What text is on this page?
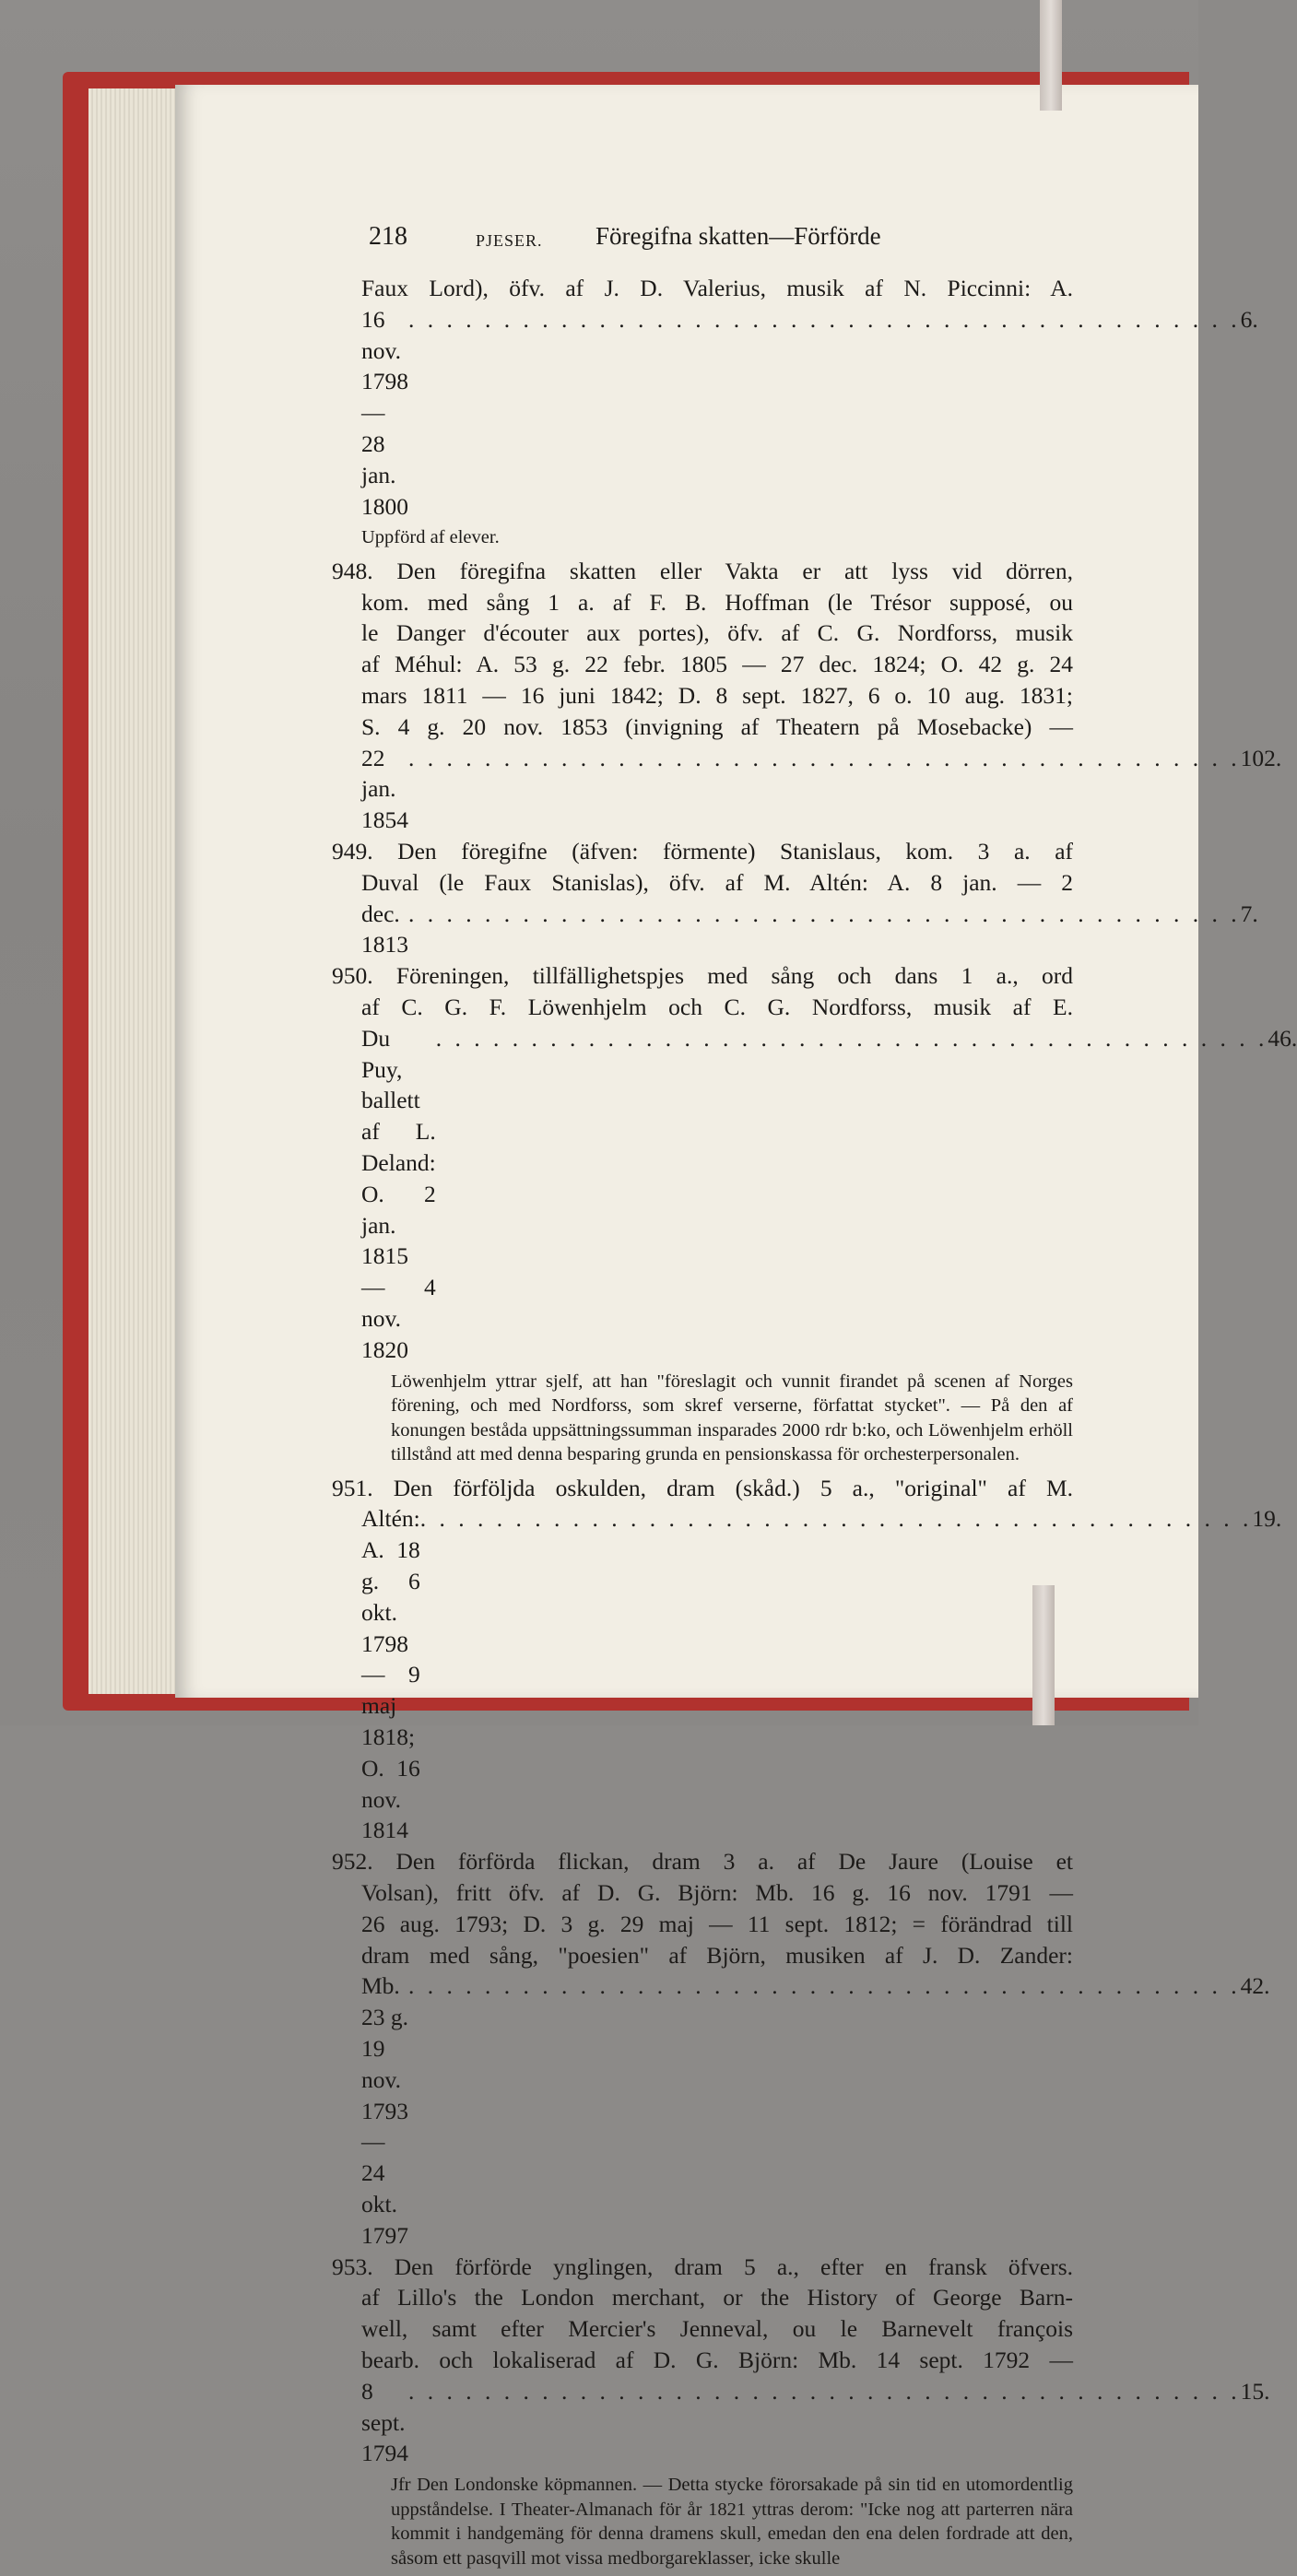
218	PJESER. Föregifna skatten—Förförde
Faux Lord), öfv. af J. D. Valerius, musik af N. Piccinni: A.
16 nov. 1798 — 28 jan. 1800
. . . . . . . . . . . . . . . . . . . . . . . . . . . . . . . . . . . . . . . . . . . . 6.
Uppförd af elever.
948. Den föregifna skatten eller Vakta er att lyss vid dörren,
kom. med sång 1 a. af F. B. Hoffman (le Trésor supposé, ou
le Danger d'écouter aux portes), öfv. af C. G. Nordforss, musik
af Méhul: A. 53 g. 22 febr. 1805 — 27 dec. 1824; O. 42 g. 24
mars 1811 — 16 juni 1842; D. 8 sept. 1827, 6 o. 10 aug. 1831;
S. 4 g. 20 nov. 1853 (invigning af Theatern på Mosebacke) —
22 jan. 1854
. . . . . . . . . . . . . . . . . . . . . . . . . . . . . . . . . . . . . . . . . . . . 102.
949. Den föregifne (äfven: förmente) Stanislaus, kom. 3 a. af
Duval (le Faux Stanislas), öfv. af M. Altén: A. 8 jan. — 2
dec. 1813
. . . . . . . . . . . . . . . . . . . . . . . . . . . . . . . . . . . . . . . . . . . . 7.
950. Föreningen, tillfällighetspjes med sång och dans 1 a., ord
af C. G. F. Löwenhjelm och C. G. Nordforss, musik af E.
Du Puy, ballett af L. Deland: O. 2 jan. 1815 — 4 nov. 1820
. . . . . . . . . . . . . . . . . . . . . . . . . . . . . . . . . . . . . . . . . . . . 46.
Löwenhjelm yttrar sjelf, att han "föreslagit och vunnit firandet på scenen af Norges förening, och med Nordforss, som skref verserne, författat stycket". — På den af konungen beståda uppsättningssumman insparades 2000 rdr b:ko, och Löwenhjelm erhöll tillstånd att med denna besparing grunda en pensionskassa för orchesterpersonalen.
951. Den förföljda oskulden, dram (skåd.) 5 a., "original" af M.
Altén: A. 18 g. 6 okt. 1798 — 9 maj 1818; O. 16 nov. 1814
. . . . . . . . . . . . . . . . . . . . . . . . . . . . . . . . . . . . . . . . . . . . 19.
952. Den förförda flickan, dram 3 a. af De Jaure (Louise et
Volsan), fritt öfv. af D. G. Björn: Mb. 16 g. 16 nov. 1791 —
26 aug. 1793; D. 3 g. 29 maj — 11 sept. 1812; = förändrad till
dram med sång, "poesien" af Björn, musiken af J. D. Zander:
Mb. 23 g. 19 nov. 1793 — 24 okt. 1797
. . . . . . . . . . . . . . . . . . . . . . . . . . . . . . . . . . . . . . . . . . . . 42.
953. Den förförde ynglingen, dram 5 a., efter en fransk öfvers.
af Lillo's the London merchant, or the History of George Barn-
well, samt efter Mercier's Jenneval, ou le Barnevelt françois
bearb. och lokaliserad af D. G. Björn: Mb. 14 sept. 1792 —
8 sept. 1794
. . . . . . . . . . . . . . . . . . . . . . . . . . . . . . . . . . . . . . . . . . . . 15.
Jfr Den Londonske köpmannen. — Detta stycke förorsakade på sin tid en utomordentlig uppståndelse. I Theater-Almanach för år 1821 yttras derom: "Icke nog att parterren nära kommit i handgemäng för denna dramens skull, emedan den ena delen fordrade att den, såsom ett pasqvill mot vissa medborgareklasser, icke skulle
